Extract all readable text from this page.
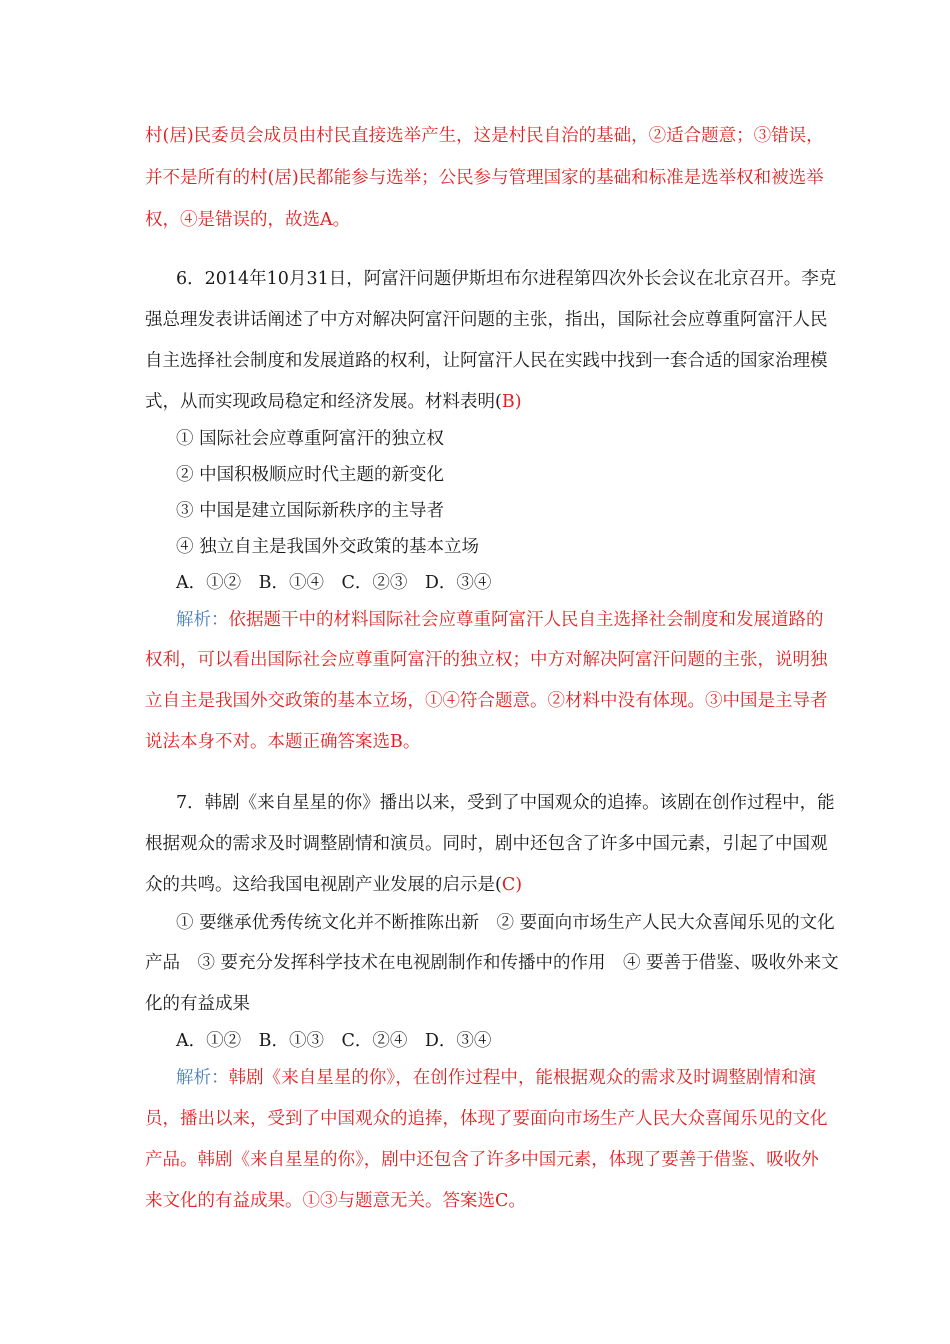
村(居)民委员会成员由村民直接选举产生，这是村民自治的基础，②适合题意；③错误，
并不是所有的村(居)民都能参与选举；公民参与管理国家的基础和标准是选举权和被选举
权，④是错误的，故选A。
6．2014年10月31日，阿富汗问题伊斯坦布尔进程第四次外长会议在北京召开。李克
强总理发表讲话阐述了中方对解决阿富汗问题的主张，指出，国际社会应尊重阿富汗人民
自主选择社会制度和发展道路的权利，让阿富汗人民在实践中找到一套合适的国家治理模
式，从而实现政局稳定和经济发展。材料表明(B)
① 国际社会应尊重阿富汗的独立权
② 中国积极顺应时代主题的新变化
③ 中国是建立国际新秩序的主导者
④ 独立自主是我国外交政策的基本立场
A．①②　B．①④　C．②③　D．③④
解析：依据题干中的材料国际社会应尊重阿富汗人民自主选择社会制度和发展道路的
权利，可以看出国际社会应尊重阿富汗的独立权；中方对解决阿富汗问题的主张，说明独
立自主是我国外交政策的基本立场，①④符合题意。②材料中没有体现。③中国是主导者
说法本身不对。本题正确答案选B。
7．韩剧《来自星星的你》播出以来，受到了中国观众的追捧。该剧在创作过程中，能
根据观众的需求及时调整剧情和演员。同时，剧中还包含了许多中国元素，引起了中国观
众的共鸣。这给我国电视剧产业发展的启示是(C)
① 要继承优秀传统文化并不断推陈出新　② 要面向市场生产人民大众喜闻乐见的文化
产品　③ 要充分发挥科学技术在电视剧制作和传播中的作用　④ 要善于借鉴、吸收外来文
化的有益成果
A．①②　B．①③　C．②④　D．③④
解析：韩剧《来自星星的你》，在创作过程中，能根据观众的需求及时调整剧情和演
员，播出以来，受到了中国观众的追捧，体现了要面向市场生产人民大众喜闻乐见的文化
产品。韩剧《来自星星的你》，剧中还包含了许多中国元素，体现了要善于借鉴、吸收外
来文化的有益成果。①③与题意无关。答案选C。
